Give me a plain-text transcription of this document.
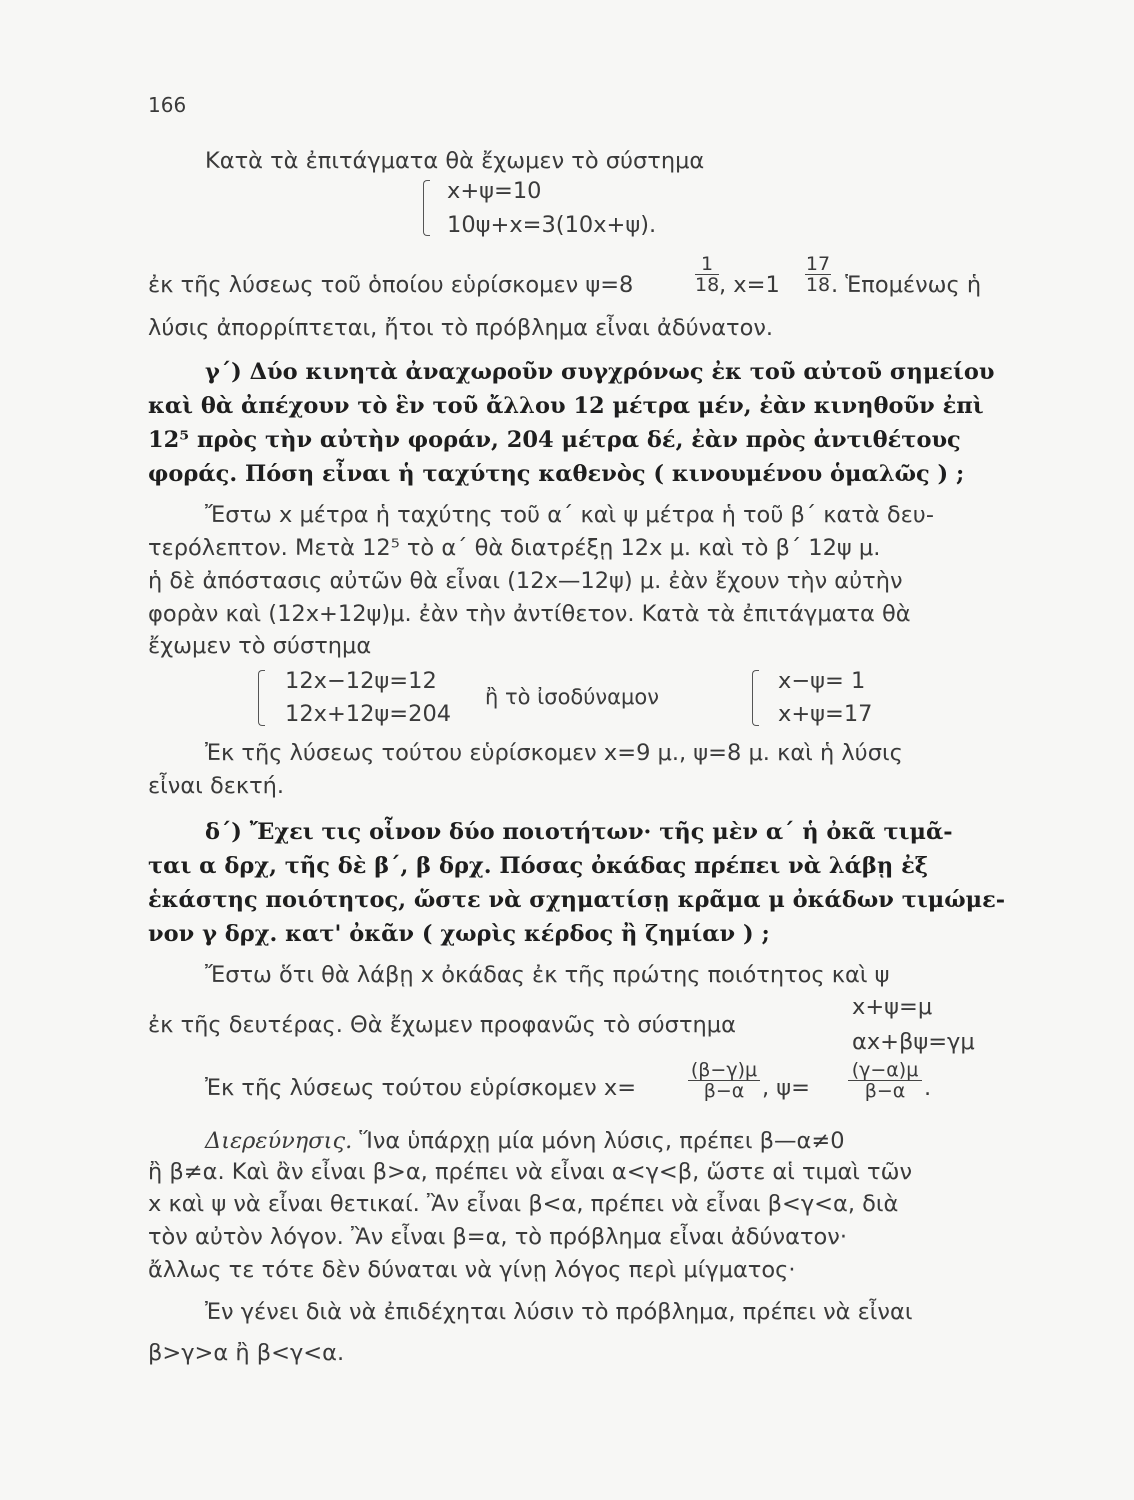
166
Κατὰ τὰ ἐπιτάγματα θὰ ἔχωμεν τὸ σύστημα
x+ψ=10
10ψ+x=3(10x+ψ).
ἐκ τῆς λύσεως τοῦ ὁποίου εὑρίσκομεν ψ=8
1
18 , x=1
17
18 . Ἑπομένως ἡ
λύσις ἀπορρίπτεται, ἤτοι τὸ πρόβλημα εἶναι ἀδύνατον.
γ΄) Δύο κινητὰ ἀναχωροῦν συγχρόνως ἐκ τοῦ αὐτοῦ σημείου
καὶ θὰ ἀπέχουν τὸ ἓν τοῦ ἄλλου 12 μέτρα μέν, ἐὰν κινηθοῦν ἐπὶ
12⁵ πρὸς τὴν αὐτὴν φοράν, 204 μέτρα δέ, ἐὰν πρὸς ἀντιθέτους
φοράς. Πόση εἶναι ἡ ταχύτης καθενὸς ( κινουμένου ὁμαλῶς ) ;
Ἔστω x μέτρα ἡ ταχύτης τοῦ α΄ καὶ ψ μέτρα ἡ τοῦ β΄ κατὰ δευ-
τερόλεπτον. Μετὰ 12⁵ τὸ α΄ θὰ διατρέξῃ 12x μ. καὶ τὸ β΄ 12ψ μ.
ἡ δὲ ἀπόστασις αὐτῶν θὰ εἶναι (12x—12ψ) μ. ἐὰν ἔχουν τὴν αὐτὴν
φορὰν καὶ (12x+12ψ)μ. ἐὰν τὴν ἀντίθετον. Κατὰ τὰ ἐπιτάγματα θὰ
ἔχωμεν τὸ σύστημα
12x−12ψ=12
12x+12ψ=204
ἢ τὸ ἰσοδύναμον
x−ψ= 1
x+ψ=17
Ἐκ τῆς λύσεως τούτου εὑρίσκομεν x=9 μ., ψ=8 μ. καὶ ἡ λύσις
εἶναι δεκτή.
δ΄) Ἔχει τις οἶνον δύο ποιοτήτων· τῆς μὲν α΄ ἡ ὀκᾶ τιμᾶ-
ται α δρχ, τῆς δὲ β΄, β δρχ. Πόσας ὀκάδας πρέπει νὰ λάβῃ ἐξ
ἑκάστης ποιότητος, ὥστε νὰ σχηματίσῃ κρᾶμα μ ὀκάδων τιμώμε-
νον γ δρχ. κατ' ὀκᾶν ( χωρὶς κέρδος ἢ ζημίαν ) ;
Ἔστω ὅτι θὰ λάβῃ x ὀκάδας ἐκ τῆς πρώτης ποιότητος καὶ ψ
ἐκ τῆς δευτέρας. Θὰ ἔχωμεν προφανῶς τὸ σύστημα
x+ψ=μ
αx+βψ=γμ
Ἐκ τῆς λύσεως τούτου εὑρίσκομεν x=
(β−γ)μ
β−α , ψ=
(γ−α)μ
β−α .
Διερεύνησις. Ἵνα ὑπάρχῃ μία μόνη λύσις, πρέπει β—α≠0
ἢ β≠α. Καὶ ἂν εἶναι β>α, πρέπει νὰ εἶναι α<γ<β, ὥστε αἱ τιμαὶ τῶν
x καὶ ψ νὰ εἶναι θετικαί. Ἂν εἶναι β<α, πρέπει νὰ εἶναι β<γ<α, διὰ
τὸν αὐτὸν λόγον. Ἂν εἶναι β=α, τὸ πρόβλημα εἶναι ἀδύνατον·
ἄλλως τε τότε δὲν δύναται νὰ γίνῃ λόγος περὶ μίγματος·
Ἐν γένει διὰ νὰ ἐπιδέχηται λύσιν τὸ πρόβλημα, πρέπει νὰ εἶναι
β>γ>α ἢ β<γ<α.
